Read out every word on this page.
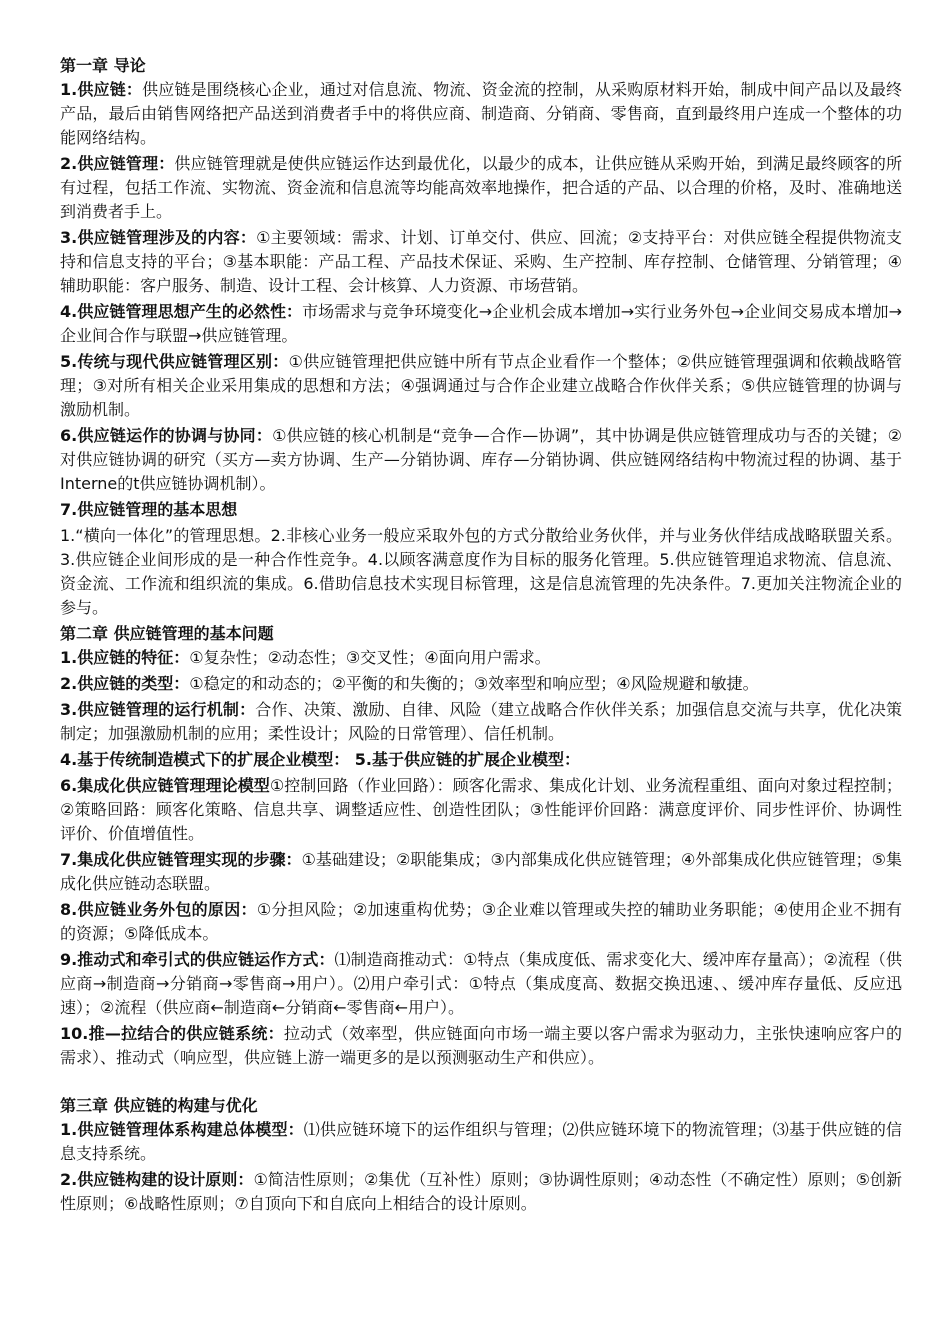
第一章 导论

1.供应链：供应链是围绕核心企业，通过对信息流、物流、资金流的控制，从采购原材料开始，制成中间产品以及最终产品，最后由销售网络把产品送到消费者手中的将供应商、制造商、分销商、零售商，直到最终用户连成一个整体的功能网络结构。

2.供应链管理：供应链管理就是使供应链运作达到最优化，以最少的成本，让供应链从采购开始，到满足最终顾客的所有过程，包括工作流、实物流、资金流和信息流等均能高效率地操作，把合适的产品、以合理的价格，及时、准确地送到消费者手上。

3.供应链管理涉及的内容：①主要领域：需求、计划、订单交付、供应、回流；②支持平台：对供应链全程提供物流支持和信息支持的平台；③基本职能：产品工程、产品技术保证、采购、生产控制、库存控制、仓储管理、分销管理；④辅助职能：客户服务、制造、设计工程、会计核算、人力资源、市场营销。

4.供应链管理思想产生的必然性：市场需求与竞争环境变化→企业机会成本增加→实行业务外包→企业间交易成本增加→企业间合作与联盟→供应链管理。

5.传统与现代供应链管理区别：①供应链管理把供应链中所有节点企业看作一个整体；②供应链管理强调和依赖战略管理；③对所有相关企业采用集成的思想和方法；④强调通过与合作企业建立战略合作伙伴关系；⑤供应链管理的协调与激励机制。

6.供应链运作的协调与协同：①供应链的核心机制是“竞争—合作—协调”，其中协调是供应链管理成功与否的关键；②对供应链协调的研究（买方—卖方协调、生产—分销协调、库存—分销协调、供应链网络结构中物流过程的协调、基于Interne的t供应链协调机制）。

7.供应链管理的基本思想

1.“横向一体化”的管理思想。2.非核心业务一般应采取外包的方式分散给业务伙伴，并与业务伙伴结成战略联盟关系。3.供应链企业间形成的是一种合作性竞争。4.以顾客满意度作为目标的服务化管理。5.供应链管理追求物流、信息流、资金流、工作流和组织流的集成。6.借助信息技术实现目标管理，这是信息流管理的先决条件。7.更加关注物流企业的参与。

第二章 供应链管理的基本问题

1.供应链的特征：①复杂性；②动态性；③交叉性；④面向用户需求。

2.供应链的类型：①稳定的和动态的；②平衡的和失衡的；③效率型和响应型；④风险规避和敏捷。

3.供应链管理的运行机制：合作、决策、激励、自律、风险（建立战略合作伙伴关系；加强信息交流与共享，优化决策制定；加强激励机制的应用；柔性设计；风险的日常管理）、信任机制。

4.基于传统制造模式下的扩展企业模型： 5.基于供应链的扩展企业模型：

6.集成化供应链管理理论模型①控制回路（作业回路）：顾客化需求、集成化计划、业务流程重组、面向对象过程控制；②策略回路：顾客化策略、信息共享、调整适应性、创造性团队；③性能评价回路：满意度评价、同步性评价、协调性评价、价值增值性。

7.集成化供应链管理实现的步骤：①基础建设；②职能集成；③内部集成化供应链管理；④外部集成化供应链管理；⑤集成化供应链动态联盟。

8.供应链业务外包的原因：①分担风险；②加速重构优势；③企业难以管理或失控的辅助业务职能；④使用企业不拥有的资源；⑤降低成本。

9.推动式和牵引式的供应链运作方式：⑴制造商推动式：①特点（集成度低、需求变化大、缓冲库存量高）；②流程（供应商→制造商→分销商→零售商→用户）。⑵用户牵引式：①特点（集成度高、数据交换迅速、、缓冲库存量低、反应迅速）；②流程（供应商←制造商←分销商←零售商←用户）。

10.推—拉结合的供应链系统：拉动式（效率型，供应链面向市场一端主要以客户需求为驱动力，主张快速响应客户的需求）、推动式（响应型，供应链上游一端更多的是以预测驱动生产和供应）。

第三章 供应链的构建与优化

1.供应链管理体系构建总体模型：⑴供应链环境下的运作组织与管理；⑵供应链环境下的物流管理；⑶基于供应链的信息支持系统。

2.供应链构建的设计原则：①简洁性原则；②集优（互补性）原则；③协调性原则；④动态性（不确定性）原则；⑤创新性原则；⑥战略性原则；⑦自顶向下和自底向上相结合的设计原则。
